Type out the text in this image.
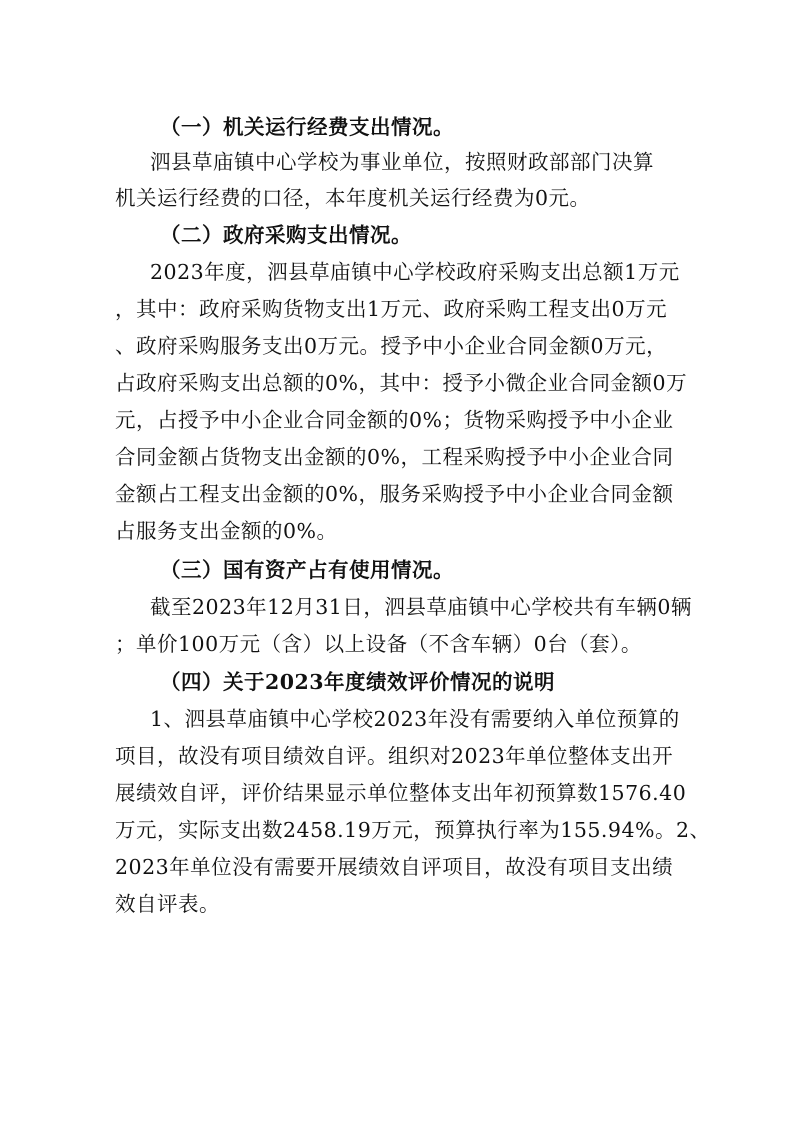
（一）机关运行经费支出情况。
泗县草庙镇中心学校为事业单位，按照财政部部门决算
机关运行经费的口径，本年度机关运行经费为0元。
（二）政府采购支出情况。
2023年度，泗县草庙镇中心学校政府采购支出总额1万元
，其中：政府采购货物支出1万元、政府采购工程支出0万元
、政府采购服务支出0万元。授予中小企业合同金额0万元，
占政府采购支出总额的0%，其中：授予小微企业合同金额0万
元，占授予中小企业合同金额的0%；货物采购授予中小企业
合同金额占货物支出金额的0%，工程采购授予中小企业合同
金额占工程支出金额的0%，服务采购授予中小企业合同金额
占服务支出金额的0%。
（三）国有资产占有使用情况。
截至2023年12月31日，泗县草庙镇中心学校共有车辆0辆
；单价100万元（含）以上设备（不含车辆）0台（套）。
（四）关于2023年度绩效评价情况的说明
1、泗县草庙镇中心学校2023年没有需要纳入单位预算的
项目，故没有项目绩效自评。组织对2023年单位整体支出开
展绩效自评，评价结果显示单位整体支出年初预算数1576.40
万元，实际支出数2458.19万元，预算执行率为155.94%。2、
2023年单位没有需要开展绩效自评项目，故没有项目支出绩
效自评表。
